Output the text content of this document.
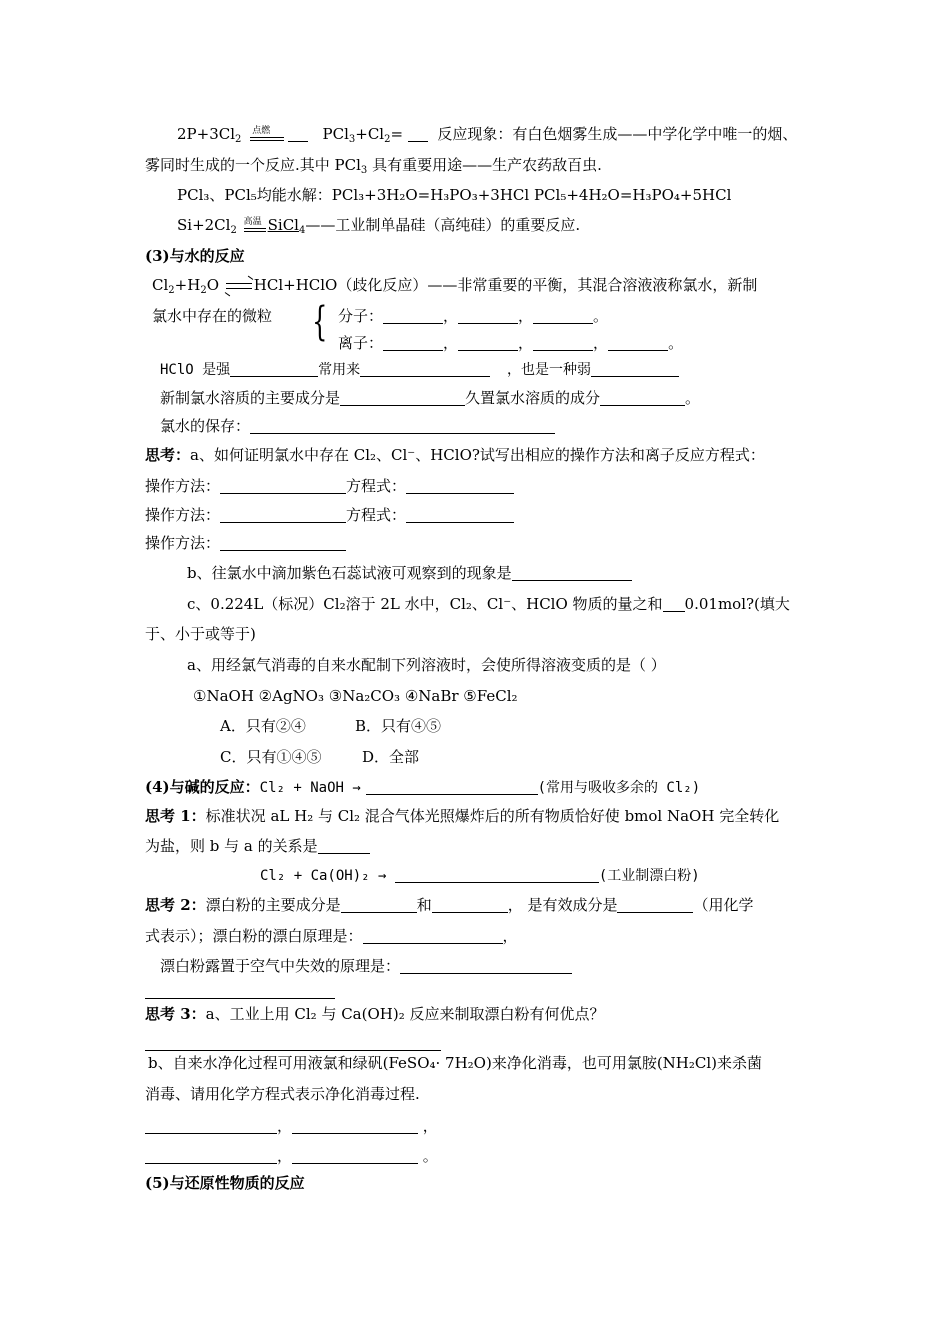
$2P+3Cl_2$
点燃	$PCl_3+Cl_2=$ 反应现象：有白色烟雾生成——中学化学中唯一的烟、
雾同时生成的一个反应.其中 PCl$_3$ 具有重要用途——生产农药敌百虫.
PCl₃、PCl₅均能水解：PCl₃+3H₂O=H₃PO₃+3HCl PCl₅+4H₂O=H₃PO₄+5HCl
$Si+2Cl_2$
高温 SiCl$_4$——工业制单晶硅（高纯硅）的重要反应.
(3)与水的反应
$Cl_2+H_2O$ ⇌HCl+HClO（歧化反应）——非常重要的平衡，其混合溶液液称氯水，新制
氯水中存在的微粒 { 分子：	，	，	。
离子：	，	，	，	。
HClO 是强	常用来	，也是一种弱
新制氯水溶质的主要成分是	久置氯水溶质的成分	。
氯水的保存：
思考：a、如何证明氯水中存在 Cl₂、Cl⁻、HClO?试写出相应的操作方法和离子反应方程式：
操作方法：	方程式：
操作方法：	方程式：
操作方法：
b、往氯水中滴加紫色石蕊试液可观察到的现象是
c、0.224L（标况）Cl₂溶于 2L 水中，Cl₂、Cl⁻、HClO 物质的量之和 0.01mol?(填大
于、小于或等于)
a、用经氯气消毒的自来水配制下列溶液时，会使所得溶液变质的是（ ）
①NaOH ②AgNO₃ ③Na₂CO₃ ④NaBr ⑤FeCl₂
A．只有②④	B．只有④⑤
C．只有①④⑤	D．全部
(4)与碱的反应：Cl₂ + NaOH →	(常用与吸收多余的 Cl₂)
思考 1：标准状况 aL H₂ 与 Cl₂ 混合气体光照爆炸后的所有物质恰好使 bmol NaOH 完全转化
为盐，则 b 与 a 的关系是
Cl₂ + Ca(OH)₂ →	(工业制漂白粉)
思考 2：漂白粉的主要成分是	和	， 是有效成分是	（用化学
式表示）；漂白粉的漂白原理是：	，
漂白粉露置于空气中失效的原理是：
思考 3：a、工业上用 Cl₂ 与 Ca(OH)₂ 反应来制取漂白粉有何优点？
b、自来水净化过程可用液氯和绿矾(FeSO₄· 7H₂O)来净化消毒，也可用氯胺(NH₂Cl)来杀菌
消毒、请用化学方程式表示净化消毒过程.
，	，
，	。
(5)与还原性物质的反应
